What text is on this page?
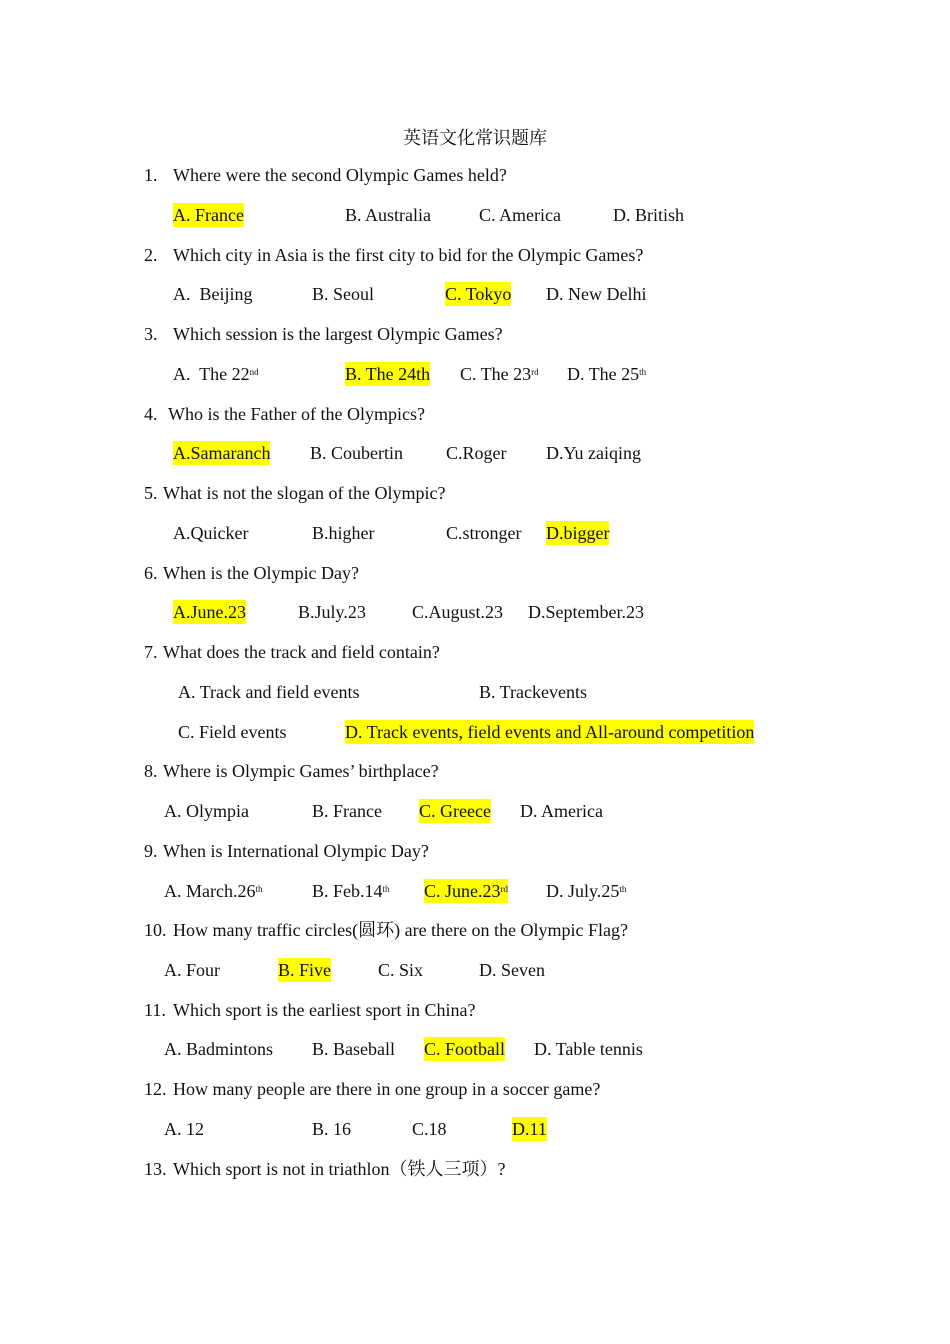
英语文化常识题库
1. Where were the second Olympic Games held?
A. France	B. Australia	C. America	D. British
2. Which city in Asia is the first city to bid for the Olympic Games?
A.  Beijing	B. Seoul	C. Tokyo D. New Delhi
3. Which session is the largest Olympic Games?
A.  The 22nd	B. The 24th C. The 23rd D. The 25th
4. Who is the Father of the Olympics?
A.Samaranch B. Coubertin C.Roger D.Yu zaiqing
5. What is not the slogan of the Olympic?
A.Quicker	B.higher	C.stronger D.bigger
6. When is the Olympic Day?
A.June.23	B.July.23	C.August.23 D.September.23
7. What does the track and field contain?
A. Track and field events	B. Trackevents
C. Field events	D. Track events, field events and All-around competition
8. Where is Olympic Games’ birthplace?
A. Olympia	B. France C. Greece D. America
9. When is International Olympic Day?
A. March.26th	B. Feb.14th C. June.23rd D. July.25th
10. How many traffic circles(圆环) are there on the Olympic Flag?
A. Four	B. Five	C. Six	D. Seven
11. Which sport is the earliest sport in China?
A. Badmintons B. Baseball C. Football D. Table tennis
12. How many people are there in one group in a soccer game?
A. 12	B. 16	C.18	D.11
13. Which sport is not in triathlon（铁人三项）?
